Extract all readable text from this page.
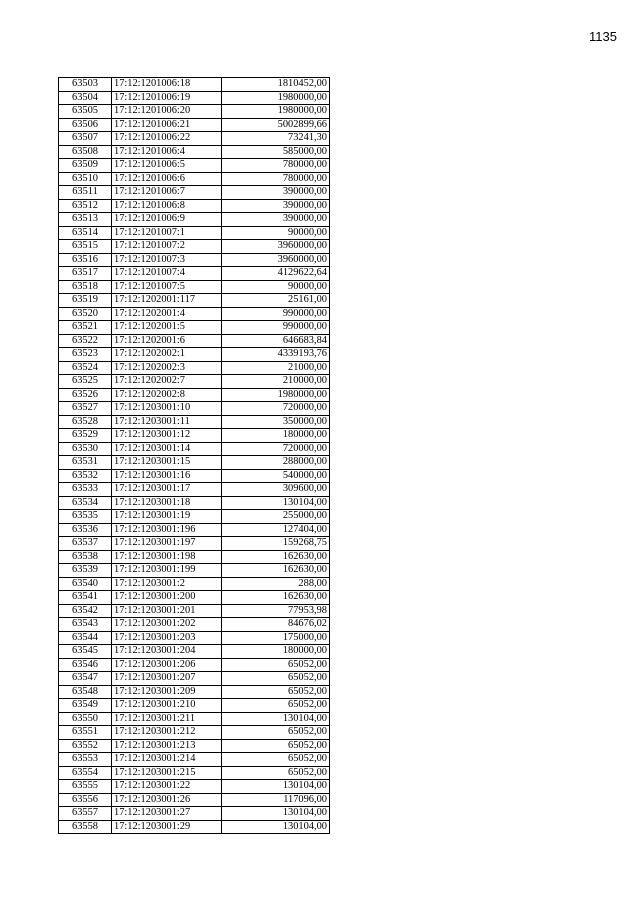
1135
63503	17:12:1201006:18	1810452,00
63504	17:12:1201006:19	1980000,00
63505	17:12:1201006:20	1980000,00
63506	17:12:1201006:21	5002899,66
63507	17:12:1201006:22	73241,30
63508	17:12:1201006:4	585000,00
63509	17:12:1201006:5	780000,00
63510	17:12:1201006:6	780000,00
63511	17:12:1201006:7	390000,00
63512	17:12:1201006:8	390000,00
63513	17:12:1201006:9	390000,00
63514	17:12:1201007:1	90000,00
63515	17:12:1201007:2	3960000,00
63516	17:12:1201007:3	3960000,00
63517	17:12:1201007:4	4129622,64
63518	17:12:1201007:5	90000,00
63519	17:12:1202001:117	25161,00
63520	17:12:1202001:4	990000,00
63521	17:12:1202001:5	990000,00
63522	17:12:1202001:6	646683,84
63523	17:12:1202002:1	4339193,76
63524	17:12:1202002:3	21000,00
63525	17:12:1202002:7	210000,00
63526	17:12:1202002:8	1980000,00
63527	17:12:1203001:10	720000,00
63528	17:12:1203001:11	350000,00
63529	17:12:1203001:12	180000,00
63530	17:12:1203001:14	720000,00
63531	17:12:1203001:15	288000,00
63532	17:12:1203001:16	540000,00
63533	17:12:1203001:17	309600,00
63534	17:12:1203001:18	130104,00
63535	17:12:1203001:19	255000,00
63536	17:12:1203001:196	127404,00
63537	17:12:1203001:197	159268,75
63538	17:12:1203001:198	162630,00
63539	17:12:1203001:199	162630,00
63540	17:12:1203001:2	288,00
63541	17:12:1203001:200	162630,00
63542	17:12:1203001:201	77953,98
63543	17:12:1203001:202	84676,02
63544	17:12:1203001:203	175000,00
63545	17:12:1203001:204	180000,00
63546	17:12:1203001:206	65052,00
63547	17:12:1203001:207	65052,00
63548	17:12:1203001:209	65052,00
63549	17:12:1203001:210	65052,00
63550	17:12:1203001:211	130104,00
63551	17:12:1203001:212	65052,00
63552	17:12:1203001:213	65052,00
63553	17:12:1203001:214	65052,00
63554	17:12:1203001:215	65052,00
63555	17:12:1203001:22	130104,00
63556	17:12:1203001:26	117096,00
63557	17:12:1203001:27	130104,00
63558	17:12:1203001:29	130104,00
